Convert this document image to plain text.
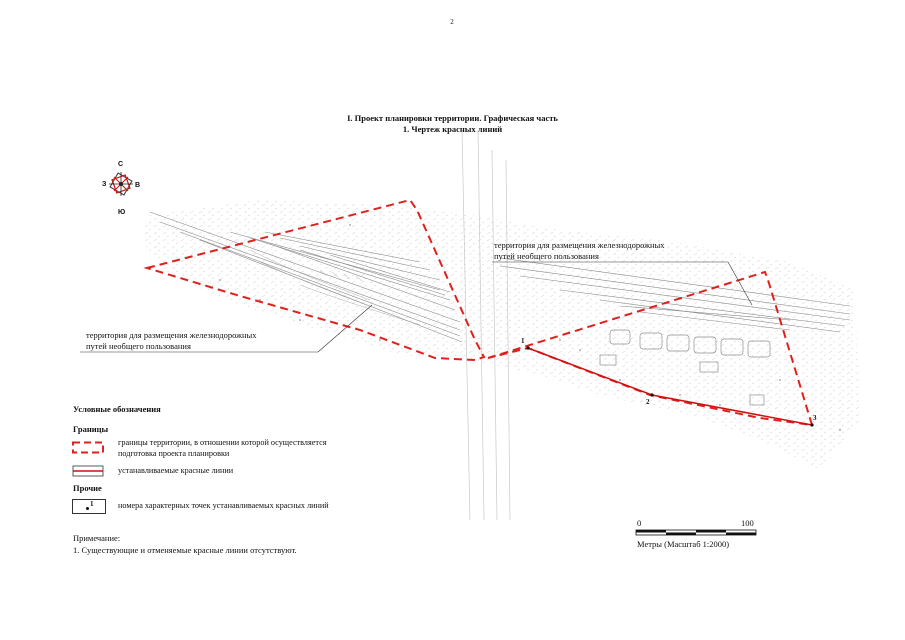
2
I. Проект планировки территории. Графическая часть
1. Чертеж красных линий
С
З	В
Ю
территория для размещения железнодорожных
путей необщего пользования
территория для размещения железнодорожных
путей необщего пользования
1
2
3
Условные обозначения
Границы
границы территории, в отношении которой осуществляется
подготовка проекта планировки
устанавливаемые красные линии
Прочие
1	номера характерных точек устанавливаемых красных линий
Примечание:
1. Существующие и отменяемые красные линии отсутствуют.
0	100
Метры (Масштаб 1:2000)
